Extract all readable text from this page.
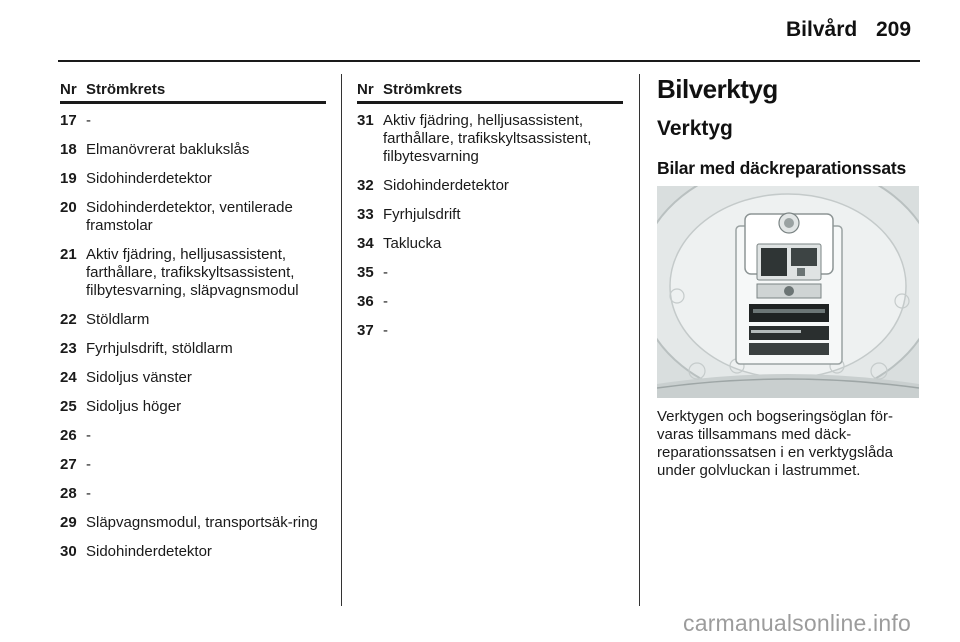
Bilvård 209
Nr Strömkrets
17 -
18 Elmanövrerat baklukslås
19 Sidohinderdetektor
20 Sidohinderdetektor, ventilerade framstolar
21 Aktiv fjädring, helljusassistent, farthållare, trafikskyltsassistent, filbytesvarning, släpvagnsmodul
22 Stöldlarm
23 Fyrhjulsdrift, stöldlarm
24 Sidoljus vänster
25 Sidoljus höger
26 -
27 -
28 -
29 Släpvagnsmodul, transportsäk-ring
30 Sidohinderdetektor
Nr Strömkrets
31 Aktiv fjädring, helljusassistent, farthållare, trafikskyltsassistent, filbytesvarning
32 Sidohinderdetektor
33 Fyrhjulsdrift
34 Taklucka
35 -
36 -
37 -
Bilverktyg
Verktyg
Bilar med däckreparationssats
Verktygen och bogseringsöglan för-varas tillsammans med däck-reparationssatsen i en verktygslåda under golvluckan i lastrummet.
carmanualsonline.info
